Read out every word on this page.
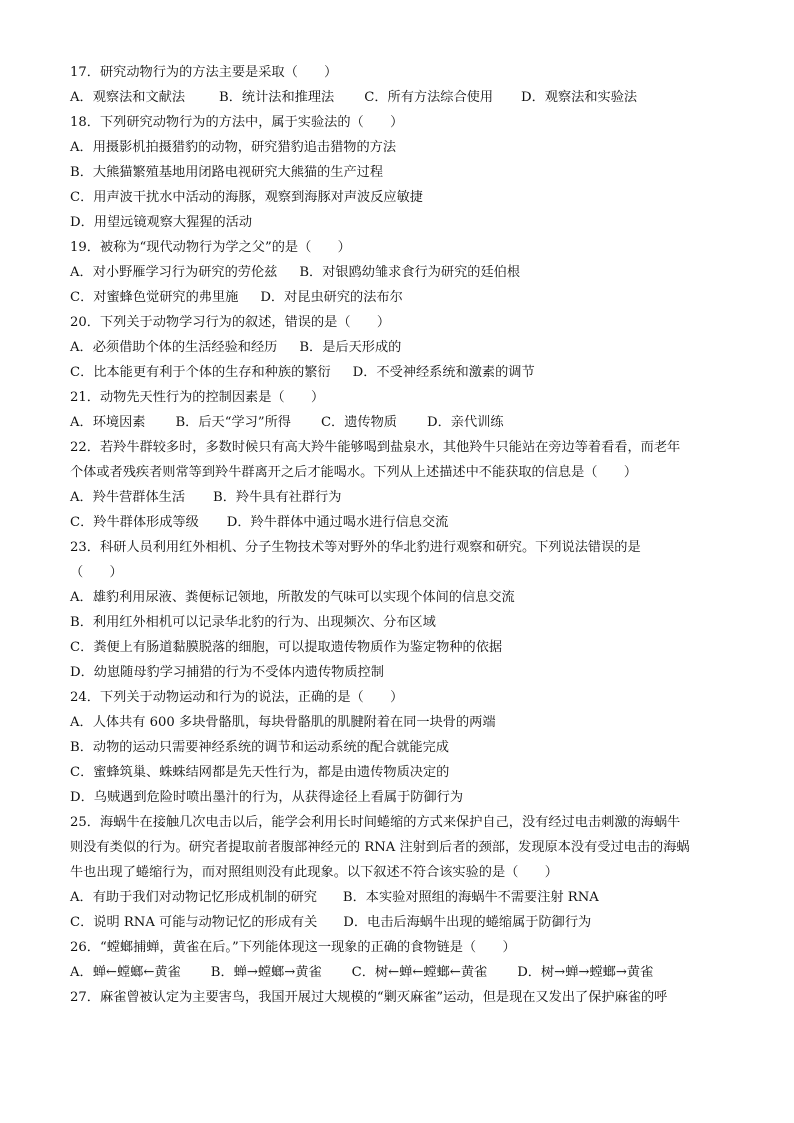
17．研究动物行为的方法主要是采取（　　）
A．观察法和文献法	B．统计法和推理法 C．所有方法综合使用 D．观察法和实验法
18．下列研究动物行为的方法中，属于实验法的（　　）
A．用摄影机拍摄猎豹的动物，研究猎豹追击猎物的方法
B．大熊猫繁殖基地用闭路电视研究大熊猫的生产过程
C．用声波干扰水中活动的海豚，观察到海豚对声波反应敏捷
D．用望远镜观察大猩猩的活动
19．被称为“现代动物行为学之父”的是（　　）
A．对小野雁学习行为研究的劳伦兹 B．对银鸥幼雏求食行为研究的廷伯根
C．对蜜蜂色觉研究的弗里施 D．对昆虫研究的法布尔
20．下列关于动物学习行为的叙述，错误的是（　　）
A．必须借助个体的生活经验和经历 B．是后天形成的
C．比本能更有利于个体的生存和种族的繁衍 D．不受神经系统和激素的调节
21．动物先天性行为的控制因素是（　　）
A．环境因素 B．后天“学习”所得 C．遗传物质 D．亲代训练
22．若羚牛群较多时，多数时候只有高大羚牛能够喝到盐泉水，其他羚牛只能站在旁边等着看看，而老年
个体或者残疾者则常等到羚牛群离开之后才能喝水。下列从上述描述中不能获取的信息是（　　）
A．羚牛营群体生活 B．羚牛具有社群行为
C．羚牛群体形成等级 D．羚牛群体中通过喝水进行信息交流
23．科研人员利用红外相机、分子生物技术等对野外的华北豹进行观察和研究。下列说法错误的是
（　　）
A．雄豹利用尿液、粪便标记领地，所散发的气味可以实现个体间的信息交流
B．利用红外相机可以记录华北豹的行为、出现频次、分布区域
C．粪便上有肠道黏膜脱落的细胞，可以提取遗传物质作为鉴定物种的依据
D．幼崽随母豹学习捕猎的行为不受体内遗传物质控制
24．下列关于动物运动和行为的说法，正确的是（　　）
A．人体共有 600 多块骨骼肌，每块骨骼肌的肌腱附着在同一块骨的两端
B．动物的运动只需要神经系统的调节和运动系统的配合就能完成
C．蜜蜂筑巢、蛛蛛结网都是先天性行为，都是由遗传物质决定的
D．乌贼遇到危险时喷出墨汁的行为，从获得途径上看属于防御行为
25．海蜗牛在接触几次电击以后，能学会利用长时间蜷缩的方式来保护自己，没有经过电击刺激的海蜗牛
则没有类似的行为。研究者提取前者腹部神经元的 RNA 注射到后者的颈部，发现原本没有受过电击的海蜗
牛也出现了蜷缩行为，而对照组则没有此现象。以下叙述不符合该实验的是（　　）
A．有助于我们对动物记忆形成机制的研究 B．本实验对照组的海蜗牛不需要注射 RNA
C．说明 RNA 可能与动物记忆的形成有关 D．电击后海蜗牛出现的蜷缩属于防御行为
26．“螳螂捕蝉，黄雀在后。”下列能体现这一现象的正确的食物链是（　　）
A．蝉←螳螂←黄雀 B．蝉→螳螂→黄雀 C．树←蝉←螳螂←黄雀 D．树→蝉→螳螂→黄雀
27．麻雀曾被认定为主要害鸟，我国开展过大规模的“剿灭麻雀”运动，但是现在又发出了保护麻雀的呼
